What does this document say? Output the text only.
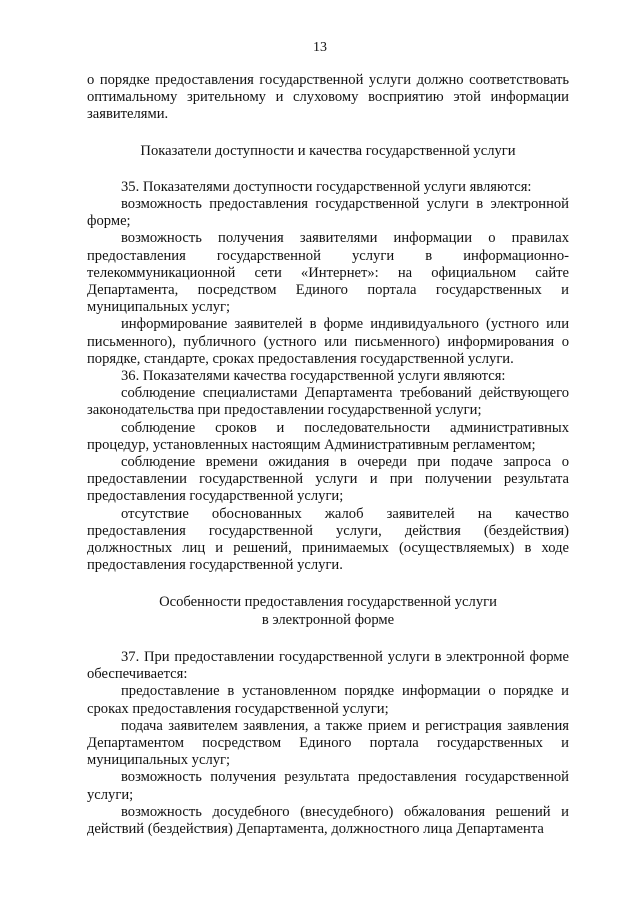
13

о порядке предоставления государственной услуги должно соответствовать оптимальному зрительному и слуховому восприятию этой информации заявителями.

Показатели доступности и качества государственной услуги

35. Показателями доступности государственной услуги являются:

возможность предоставления государственной услуги в электронной форме;

возможность получения заявителями информации о правилах предоставления государственной услуги в информационно-телекоммуникационной сети «Интернет»: на официальном сайте Департамента, посредством Единого портала государственных и муниципальных услуг;

информирование заявителей в форме индивидуального (устного или письменного), публичного (устного или письменного) информирования о порядке, стандарте, сроках предоставления государственной услуги.

36. Показателями качества государственной услуги являются:

соблюдение специалистами Департамента требований действующего законодательства при предоставлении государственной услуги;

соблюдение сроков и последовательности административных процедур, установленных настоящим Административным регламентом;

соблюдение времени ожидания в очереди при подаче запроса о предоставлении государственной услуги и при получении результата предоставления государственной услуги;

отсутствие обоснованных жалоб заявителей на качество предоставления государственной услуги, действия (бездействия) должностных лиц и решений, принимаемых (осуществляемых) в ходе предоставления государственной услуги.

Особенности предоставления государственной услуги

в электронной форме

37. При предоставлении государственной услуги в электронной форме обеспечивается:

предоставление в установленном порядке информации о порядке и сроках предоставления государственной услуги;

подача заявителем заявления, а также прием и регистрация заявления Департаментом посредством Единого портала государственных и муниципальных услуг;

возможность получения результата предоставления государственной услуги;

возможность досудебного (внесудебного) обжалования решений и действий (бездействия) Департамента, должностного лица Департамента
